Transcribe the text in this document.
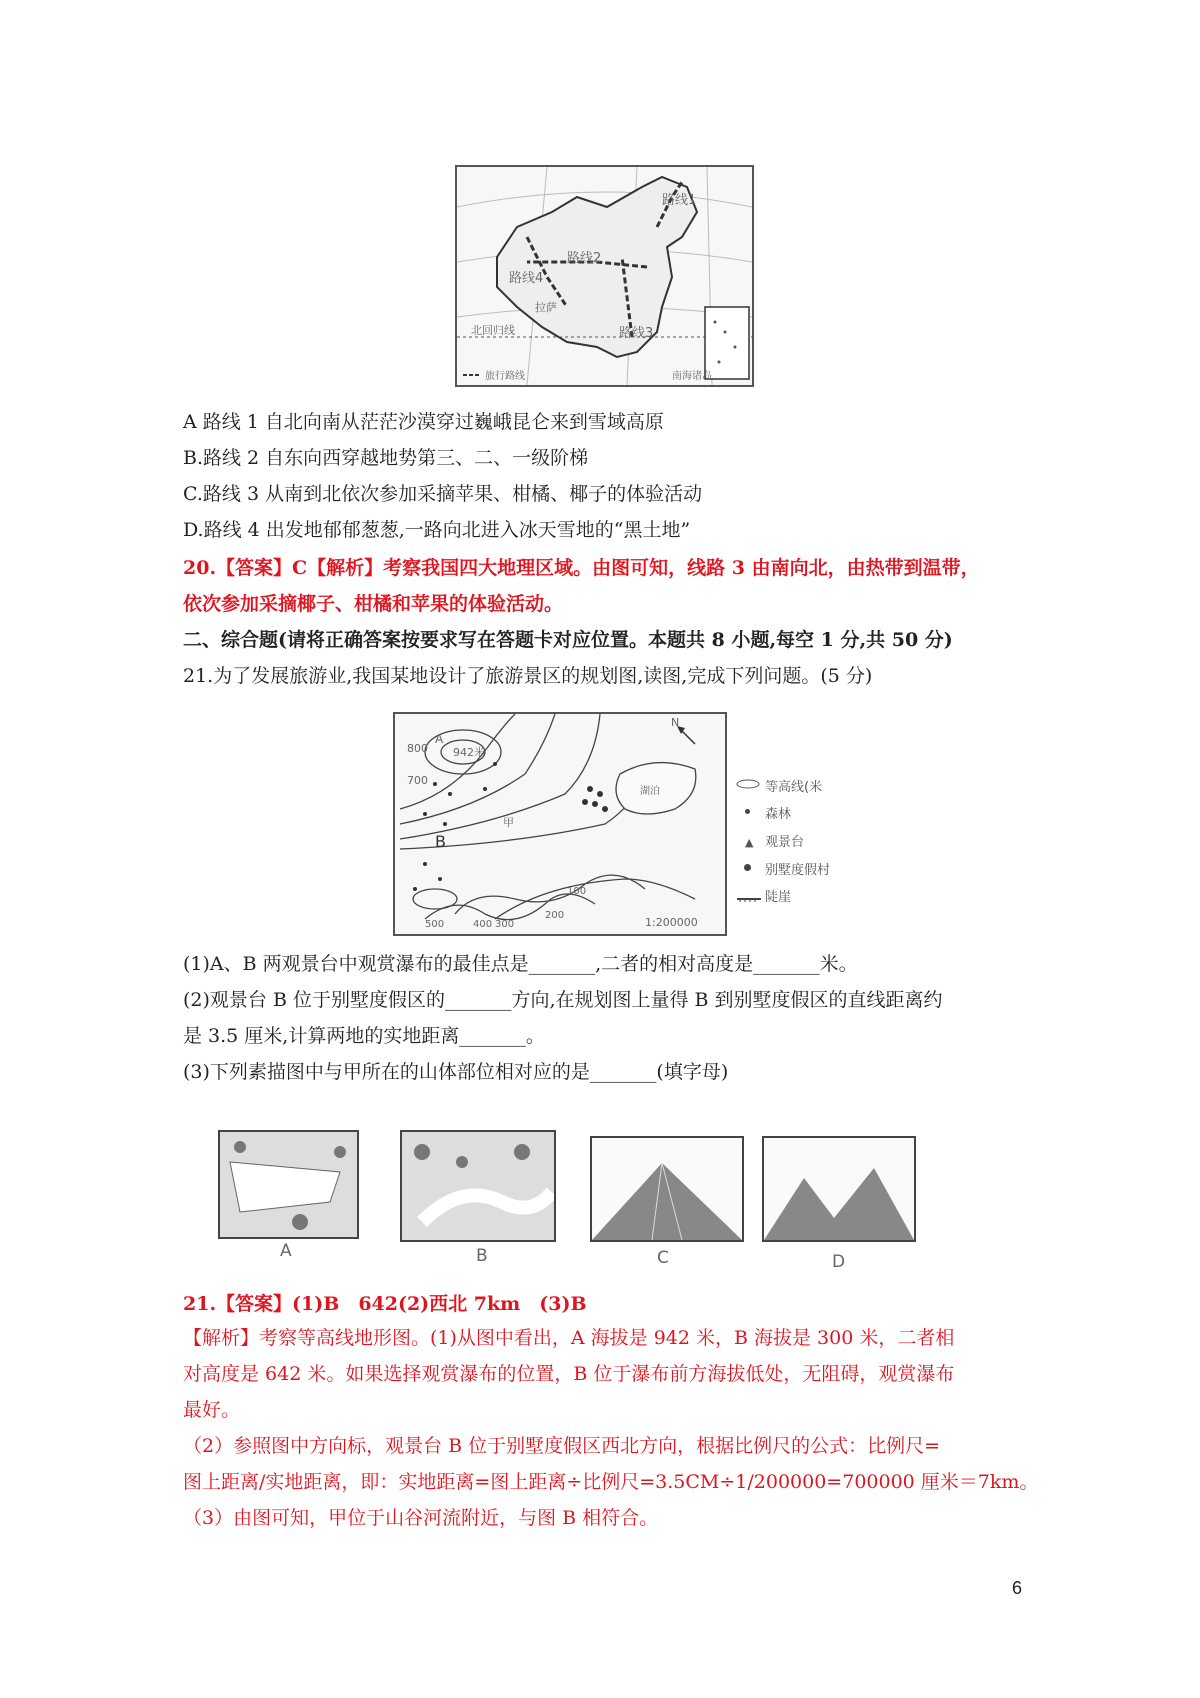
路线1
路线2
路线3
路线4
拉萨
北回归线
旅行路线	南海诸岛
A 路线 1 自北向南从茫茫沙漠穿过巍峨昆仑来到雪域高原
B.路线 2 自东向西穿越地势第三、二、一级阶梯
C.路线 3 从南到北依次参加采摘苹果、柑橘、椰子的体验活动
D.路线 4 出发地郁郁葱葱,一路向北进入冰天雪地的“黑土地”
20.【答案】C【解析】考察我国四大地理区域。由图可知，线路 3 由南向北，由热带到温带，
依次参加采摘椰子、柑橘和苹果的体验活动。
二、综合题(请将正确答案按要求写在答题卡对应位置。本题共 8 小题,每空 1 分,共 50 分)
21.为了发展旅游业,我国某地设计了旅游景区的规划图,读图,完成下列问题。(5 分)
800 942米
700
A
B
甲
500	400 300
200
100
湖泊
1:200000
N
等高线(米
森林
▲ 观景台
别墅度假村
陡崖
(1)A、B 两观景台中观赏瀑布的最佳点是_______,二者的相对高度是_______米。
(2)观景台 B 位于别墅度假区的_______方向,在规划图上量得 B 到别墅度假区的直线距离约
是 3.5 厘米,计算两地的实地距离_______。
(3)下列素描图中与甲所在的山体部位相对应的是_______(填字母)
A	B	C	D
21.【答案】(1)B　642(2)西北 7km　(3)B
【解析】考察等高线地形图。(1)从图中看出，A 海拔是 942 米，B 海拔是 300 米，二者相
对高度是 642 米。如果选择观赏瀑布的位置，B 位于瀑布前方海拔低处，无阻碍，观赏瀑布
最好。
（2）参照图中方向标，观景台 B 位于别墅度假区西北方向，根据比例尺的公式：比例尺=
图上距离/实地距离，即：实地距离=图上距离÷比例尺=3.5CM÷1/200000=700000 厘米＝7km。
（3）由图可知，甲位于山谷河流附近，与图 B 相符合。
6
